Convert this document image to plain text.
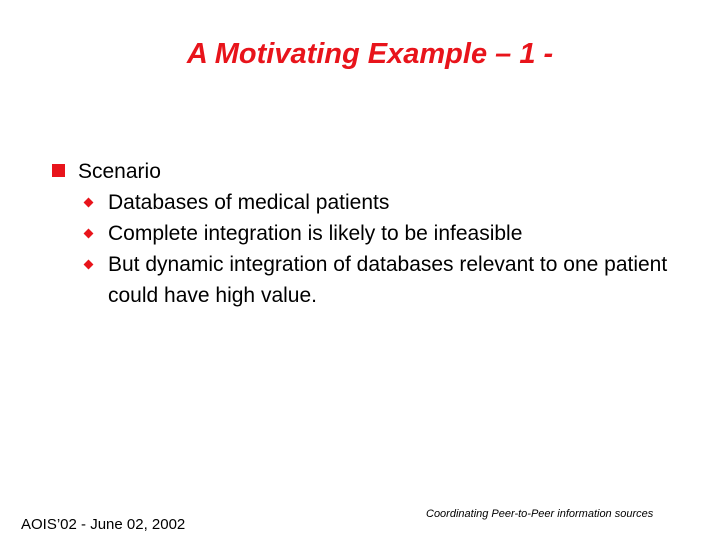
A Motivating Example – 1 -
Scenario
Databases of medical patients
Complete integration is likely to be infeasible
But dynamic integration of databases relevant to one patient could have high value.
AOIS’02 - June 02, 2002
Coordinating Peer-to-Peer information sources
